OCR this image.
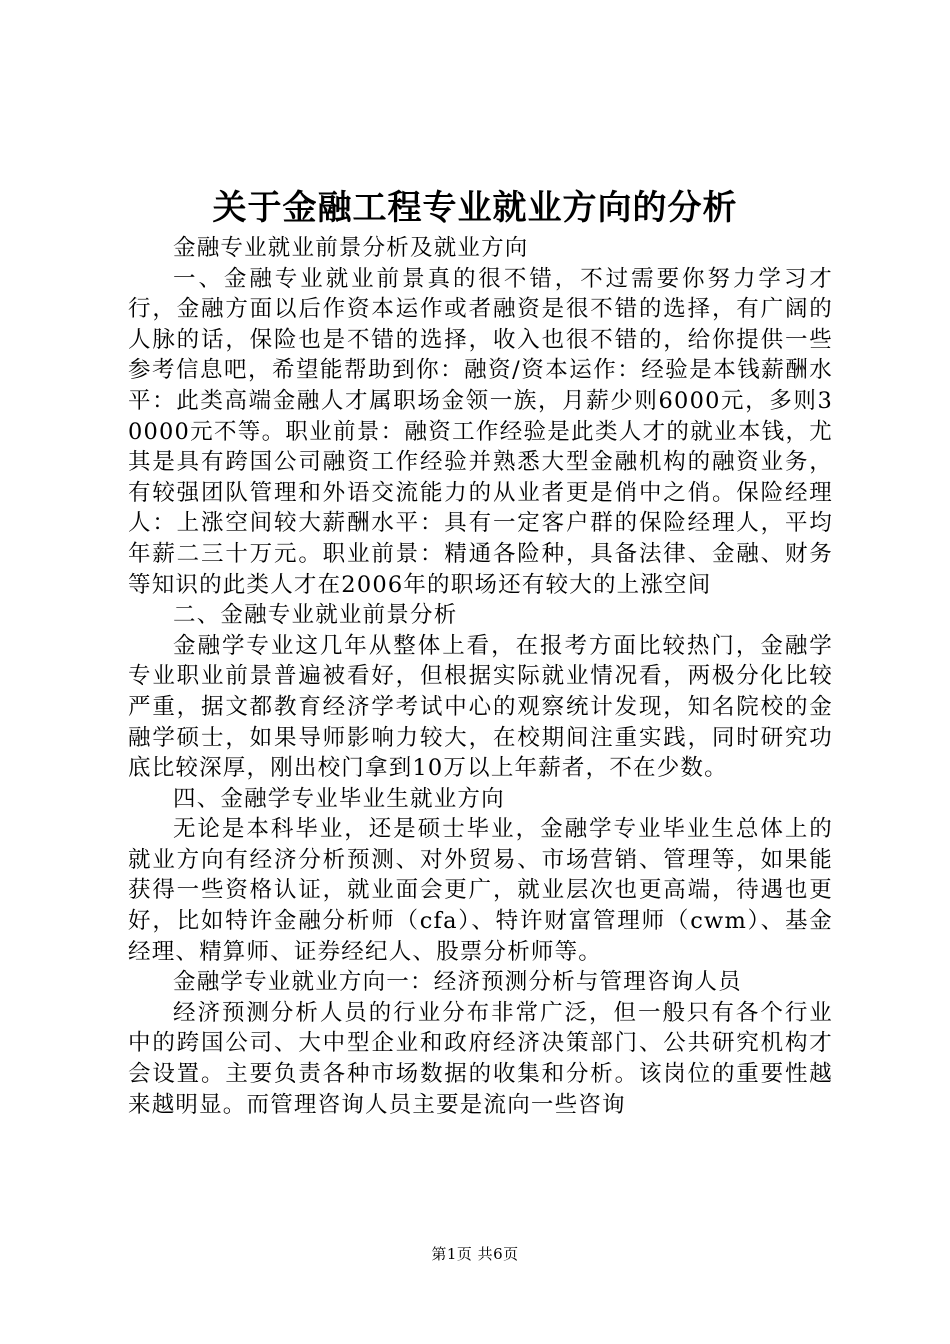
关于金融工程专业就业方向的分析

金融专业就业前景分析及就业方向

一、金融专业就业前景真的很不错，不过需要你努力学习才行，金融方面以后作资本运作或者融资是很不错的选择，有广阔的人脉的话，保险也是不错的选择，收入也很不错的，给你提供一些参考信息吧，希望能帮助到你：融资/资本运作：经验是本钱薪酬水平：此类高端金融人才属职场金领一族，月薪少则6000元，多则30000元不等。职业前景：融资工作经验是此类人才的就业本钱，尤其是具有跨国公司融资工作经验并熟悉大型金融机构的融资业务，有较强团队管理和外语交流能力的从业者更是俏中之俏。保险经理人：上涨空间较大薪酬水平：具有一定客户群的保险经理人，平均年薪二三十万元。职业前景：精通各险种，具备法律、金融、财务等知识的此类人才在2006年的职场还有较大的上涨空间

二、金融专业就业前景分析

金融学专业这几年从整体上看，在报考方面比较热门，金融学专业职业前景普遍被看好，但根据实际就业情况看，两极分化比较严重，据文都教育经济学考试中心的观察统计发现，知名院校的金融学硕士，如果导师影响力较大，在校期间注重实践，同时研究功底比较深厚，刚出校门拿到10万以上年薪者，不在少数。

四、金融学专业毕业生就业方向

无论是本科毕业，还是硕士毕业，金融学专业毕业生总体上的就业方向有经济分析预测、对外贸易、市场营销、管理等，如果能获得一些资格认证，就业面会更广，就业层次也更高端，待遇也更好，比如特许金融分析师（cfa）、特许财富管理师（cwm）、基金经理、精算师、证券经纪人、股票分析师等。

金融学专业就业方向一：经济预测分析与管理咨询人员

经济预测分析人员的行业分布非常广泛，但一般只有各个行业中的跨国公司、大中型企业和政府经济决策部门、公共研究机构才会设置。主要负责各种市场数据的收集和分析。该岗位的重要性越来越明显。而管理咨询人员主要是流向一些咨询

第1页 共6页
